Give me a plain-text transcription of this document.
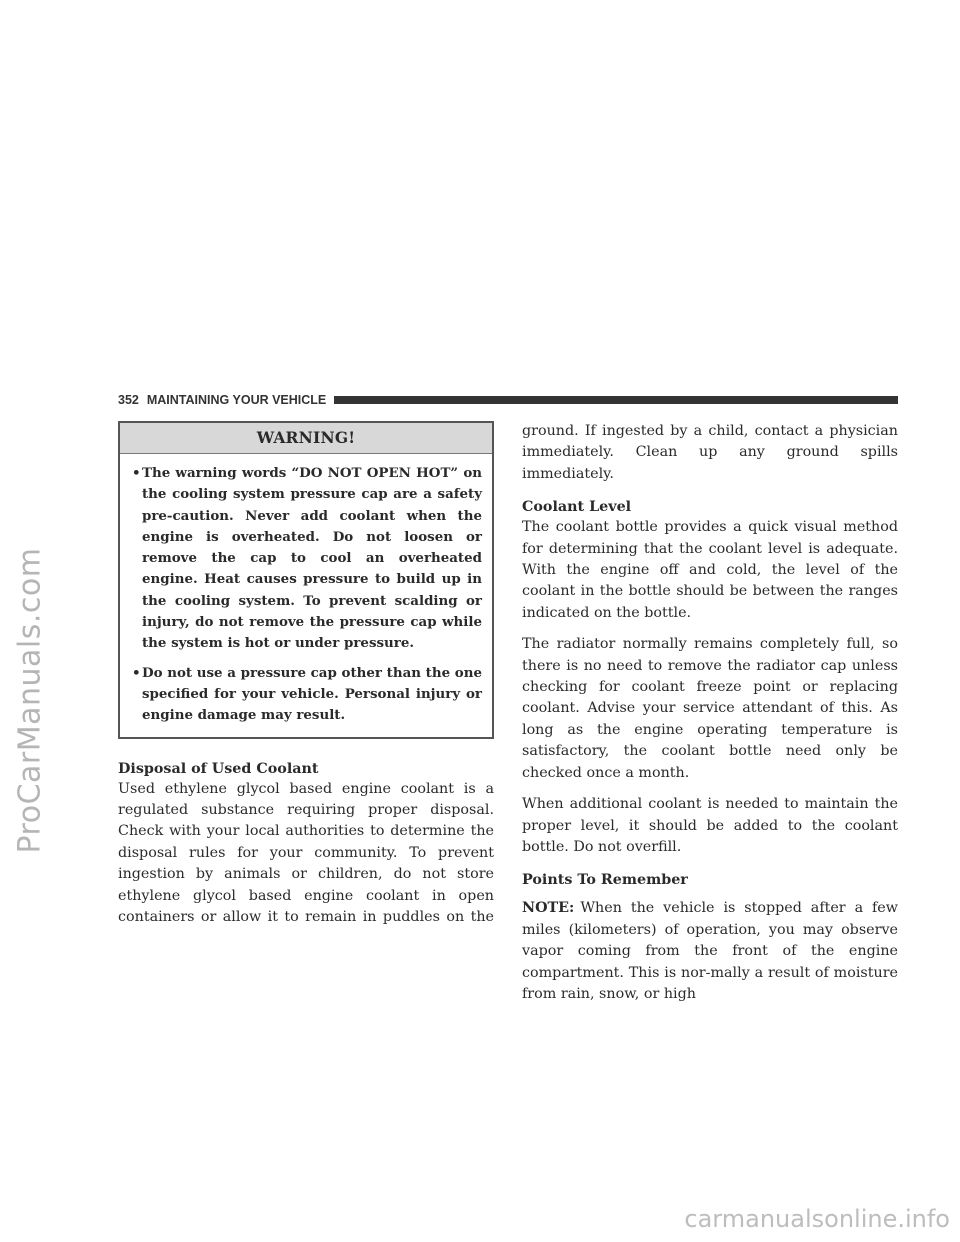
ProCarManuals.com
352 MAINTAINING YOUR VEHICLE
WARNING!
• The warning words “DO NOT OPEN HOT” on the cooling system pressure cap are a safety pre-caution. Never add coolant when the engine is overheated. Do not loosen or remove the cap to cool an overheated engine. Heat causes pressure to build up in the cooling system. To prevent scalding or injury, do not remove the pressure cap while the system is hot or under pressure.
• Do not use a pressure cap other than the one specified for your vehicle. Personal injury or engine damage may result.
Disposal of Used Coolant

Used ethylene glycol based engine coolant is a regulated substance requiring proper disposal. Check with your local authorities to determine the disposal rules for your community. To prevent ingestion by animals or children, do not store ethylene glycol based engine coolant in open containers or allow it to remain in puddles on the

ground. If ingested by a child, contact a physician immediately. Clean up any ground spills immediately.

Coolant Level

The coolant bottle provides a quick visual method for determining that the coolant level is adequate. With the engine off and cold, the level of the coolant in the bottle should be between the ranges indicated on the bottle.

The radiator normally remains completely full, so there is no need to remove the radiator cap unless checking for coolant freeze point or replacing coolant. Advise your service attendant of this. As long as the engine operating temperature is satisfactory, the coolant bottle need only be checked once a month.

When additional coolant is needed to maintain the proper level, it should be added to the coolant bottle. Do not overfill.

Points To Remember

NOTE: When the vehicle is stopped after a few miles (kilometers) of operation, you may observe vapor coming from the front of the engine compartment. This is nor-mally a result of moisture from rain, snow, or high

carmanualsonline.info
